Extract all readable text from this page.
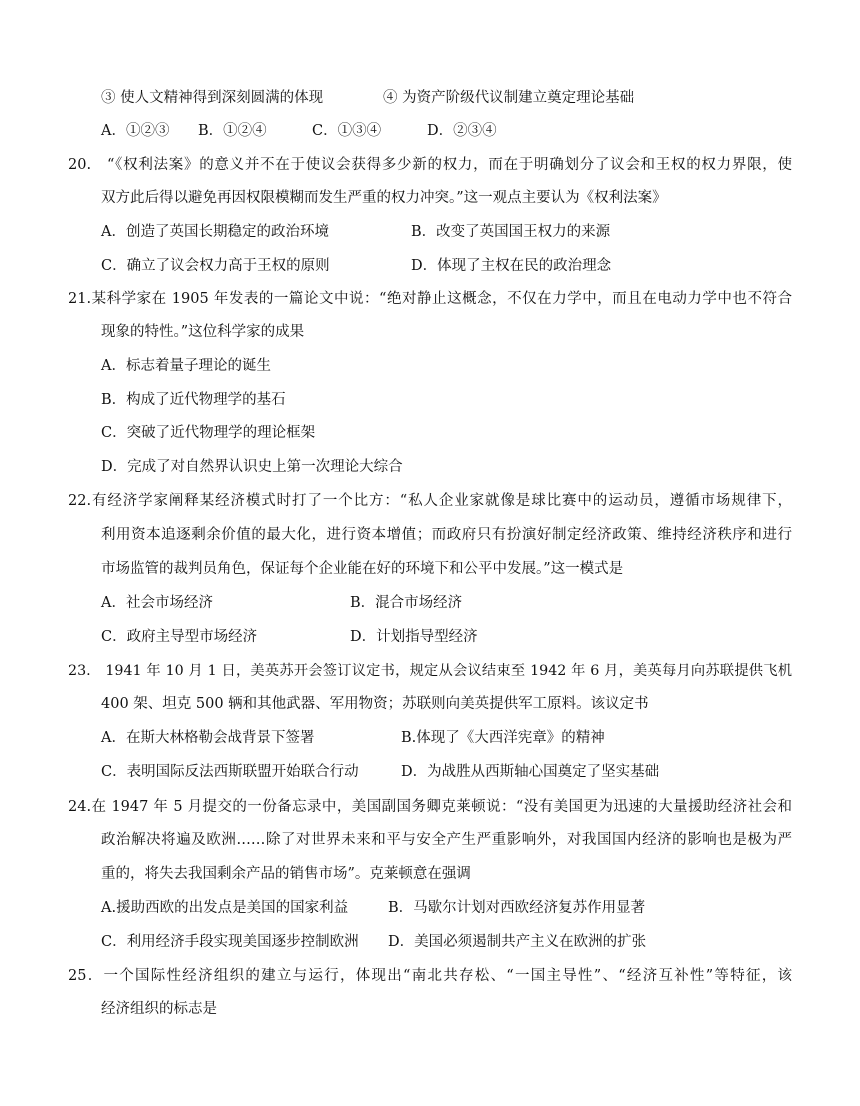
③ 使人文精神得到深刻圆满的体现	④ 为资产阶级代议制建立奠定理论基础
A．①②③ B．①②④	C．①③④	D．②③④
20.　“《权利法案》的意义并不在于使议会获得多少新的权力，而在于明确划分了议会和王权的权力界限，使
双方此后得以避免再因权限模糊而发生严重的权力冲突。”这一观点主要认为《权利法案》
A．创造了英国长期稳定的政治环境	B．改变了英国国王权力的来源
C．确立了议会权力高于王权的原则	D．体现了主权在民的政治理念
21.某科学家在 1905 年发表的一篇论文中说：“绝对静止这概念，不仅在力学中，而且在电动力学中也不符合
现象的特性。”这位科学家的成果
A．标志着量子理论的诞生
B．构成了近代物理学的基石
C．突破了近代物理学的理论框架
D．完成了对自然界认识史上第一次理论大综合
22.有经济学家阐释某经济模式时打了一个比方：“私人企业家就像是球比赛中的运动员，遵循市场规律下，
利用资本追逐剩余价值的最大化，进行资本增值；而政府只有扮演好制定经济政策、维持经济秩序和进行
市场监管的裁判员角色，保证每个企业能在好的环境下和公平中发展。”这一模式是
A．社会市场经济	B．混合市场经济
C．政府主导型市场经济	D．计划指导型经济
23.　1941 年 10 月 1 日，美英苏开会签订议定书，规定从会议结束至 1942 年 6 月，美英每月向苏联提供飞机
400 架、坦克 500 辆和其他武器、军用物资；苏联则向美英提供军工原料。该议定书
A．在斯大林格勒会战背景下签署	B.体现了《大西洋宪章》的精神
C．表明国际反法西斯联盟开始联合行动	D．为战胜从西斯轴心国奠定了坚实基础
24.在 1947 年 5 月提交的一份备忘录中，美国副国务卿克莱顿说：“没有美国更为迅速的大量援助经济社会和
政治解决将遍及欧洲……除了对世界未来和平与安全产生严重影响外，对我国国内经济的影响也是极为严
重的，将失去我国剩余产品的销售市场”。克莱顿意在强调
A.援助西欧的出发点是美国的国家利益	B．马歇尔计划对西欧经济复苏作用显著
C．利用经济手段实现美国逐步控制欧洲 D．美国必须遏制共产主义在欧洲的扩张
25．一个国际性经济组织的建立与运行，体现出“南北共存松、“一国主导性”、“经济互补性”等特征，该
经济组织的标志是
